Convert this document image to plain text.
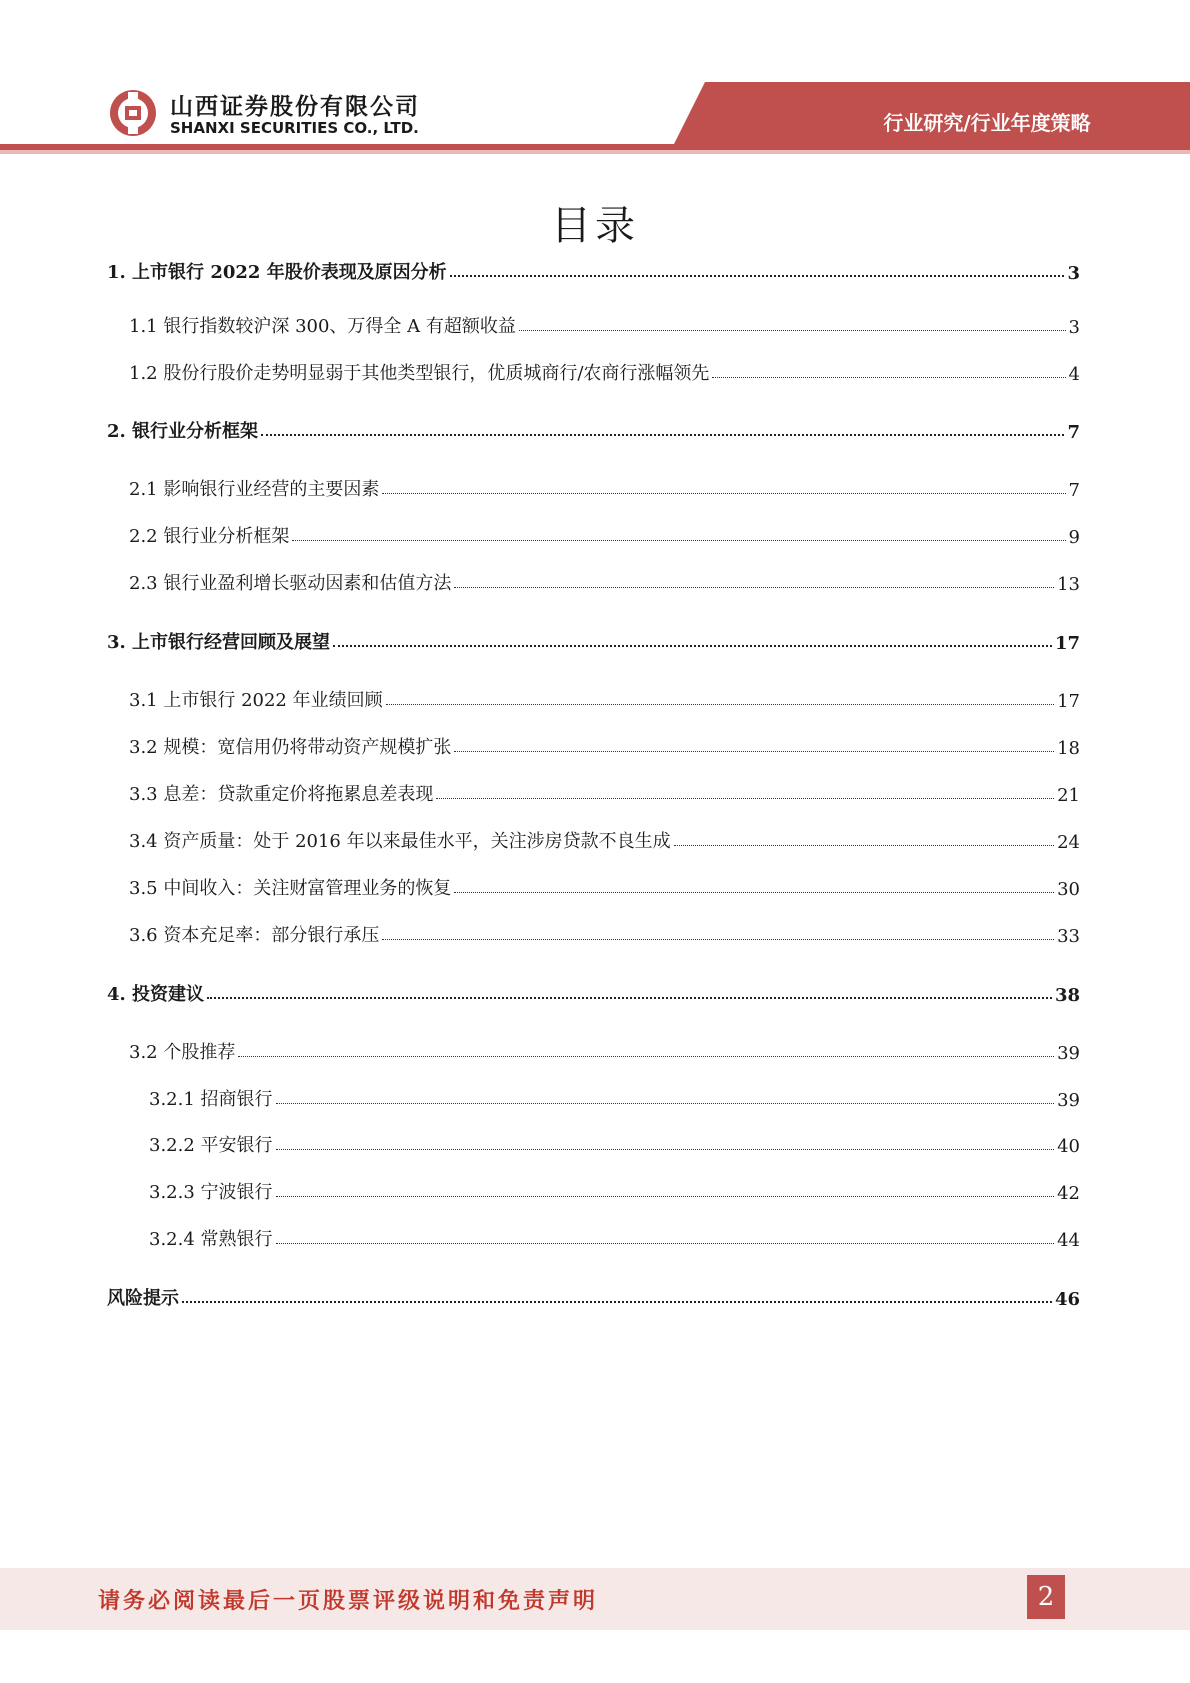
山西证券股份有限公司
SHANXI SECURITIES CO., LTD.	行业研究/行业年度策略
目录
1. 上市银行 2022 年股价表现及原因分析	3
1.1 银行指数较沪深 300、万得全 A 有超额收益	3
1.2 股份行股价走势明显弱于其他类型银行，优质城商行/农商行涨幅领先	4
2. 银行业分析框架	7
2.1 影响银行业经营的主要因素	7
2.2 银行业分析框架	9
2.3 银行业盈利增长驱动因素和估值方法	13
3. 上市银行经营回顾及展望	17
3.1 上市银行 2022 年业绩回顾	17
3.2 规模：宽信用仍将带动资产规模扩张	18
3.3 息差：贷款重定价将拖累息差表现	21
3.4 资产质量：处于 2016 年以来最佳水平，关注涉房贷款不良生成	24
3.5 中间收入：关注财富管理业务的恢复	30
3.6 资本充足率：部分银行承压	33
4. 投资建议	38
3.2 个股推荐	39
3.2.1 招商银行	39
3.2.2 平安银行	40
3.2.3 宁波银行	42
3.2.4 常熟银行	44
风险提示	46
请务必阅读最后一页股票评级说明和免责声明	2
